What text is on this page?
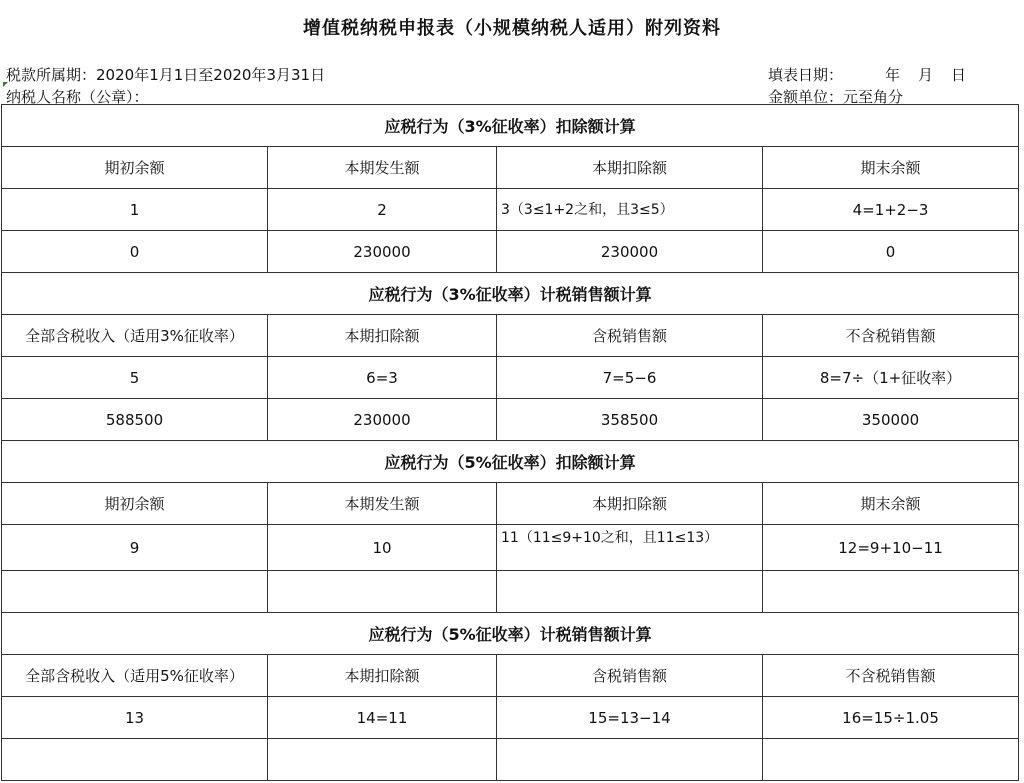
增值税纳税申报表（小规模纳税人适用）附列资料
税款所属期：2020年1月1日至2020年3月31日
纳税人名称（公章）：
填表日期：	年 月 日
金额单位：元至角分
应税行为（3%征收率）扣除额计算			
期初余额	本期发生额	本期扣除额	期末余额
1	2	3（3≤1+2之和，且3≤5）	4=1+2−3
0	230000	230000	0
应税行为（3%征收率）计税销售额计算			
全部含税收入（适用3%征收率）	本期扣除额	含税销售额	不含税销售额
5	6=3	7=5−6	8=7÷（1+征收率）
588500	230000	358500	350000
应税行为（5%征收率）扣除额计算			
期初余额	本期发生额	本期扣除额	期末余额
9	10	11（11≤9+10之和，且11≤13）	12=9+10−11

应税行为（5%征收率）计税销售额计算			
全部含税收入（适用5%征收率）	本期扣除额	含税销售额	不含税销售额
13	14=11	15=13−14	16=15÷1.05
